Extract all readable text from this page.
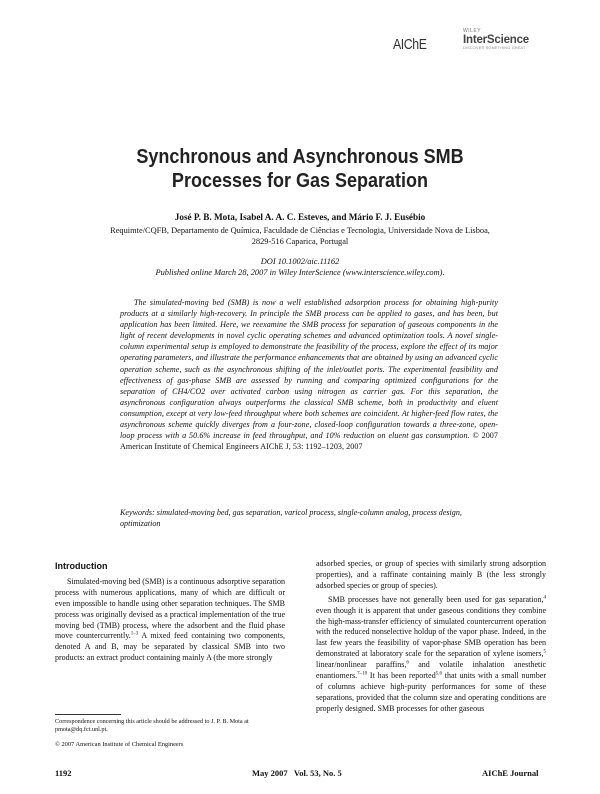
AIChE
WILEY
InterScience
DISCOVER SOMETHING GREAT
Synchronous and Asynchronous SMB
Processes for Gas Separation
José P. B. Mota, Isabel A. A. C. Esteves, and Mário F. J. Eusébio
Requimte/CQFB, Departamento de Química, Faculdade de Ciências e Tecnologia, Universidade Nova de Lisboa,
2829-516 Caparica, Portugal
DOI 10.1002/aic.11162
Published online March 28, 2007 in Wiley InterScience (www.interscience.wiley.com).

The simulated-moving bed (SMB) is now a well established adsorption process for obtaining high-purity products at a similarly high-recovery. In principle the SMB process can be applied to gases, and has been, but application has been limited. Here, we reexamine the SMB process for separation of gaseous components in the light of recent developments in novel cyclic operating schemes and advanced optimization tools. A novel single-column experimental setup is employed to demonstrate the feasibility of the process, explore the effect of its major operating parameters, and illustrate the performance enhancements that are obtained by using an advanced cyclic operation scheme, such as the asynchronous shifting of the inlet/outlet ports. The experimental feasibility and effectiveness of gas-phase SMB are assessed by running and comparing optimized configurations for the separation of CH4/CO2 over activated carbon using nitrogen as carrier gas. For this separation, the asynchronous configuration always outperforms the classical SMB scheme, both in productivity and eluent consumption, except at very low-feed throughput where both schemes are coincident. At higher-feed flow rates, the asynchronous scheme quickly diverges from a four-zone, closed-loop configuration towards a three-zone, open-loop process with a 50.6% increase in feed throughput, and 10% reduction on eluent gas consumption. © 2007 American Institute of Chemical Engineers AIChE J, 53: 1192–1203, 2007

Keywords: simulated-moving bed, gas separation, varicol process, single-column analog, process design, optimization
Introduction

Simulated-moving bed (SMB) is a continuous adsorptive separation process with numerous applications, many of which are difficult or even impossible to handle using other separation techniques. The SMB process was originally devised as a practical implementation of the true moving bed (TMB) process, where the adsorbent and the fluid phase move countercurrently.$^{1-3}$ A mixed feed containing two components, denoted A and B, may be separated by classical SMB into two products: an extract product containing mainly A (the more strongly

adsorbed species, or group of species with similarly strong adsorption properties), and a raffinate containing mainly B (the less strongly adsorbed species or group of species).

SMB processes have not generally been used for gas separation,$^4$ even though it is apparent that under gaseous conditions they combine the high-mass-transfer efficiency of simulated countercurrent operation with the reduced nonselective holdup of the vapor phase. Indeed, in the last few years the feasibility of vapor-phase SMB operation has been demonstrated at laboratory scale for the separation of xylene isomers,$^5$ linear/nonlinear paraffins,$^6$ and volatile inhalation anesthetic enantiomers.$^{7-10}$ It has been reported$^{5,6}$ that units with a small number of columns achieve high-purity performances for some of these separations, provided that the column size and operating conditions are properly designed. SMB processes for other gaseous

Correspondence concerning this article should be addressed to J. P. B. Mota at pmota@dq.fct.unl.pt.
© 2007 American Institute of Chemical Engineers
1192	May 2007   Vol. 53, No. 5	AIChE Journal
